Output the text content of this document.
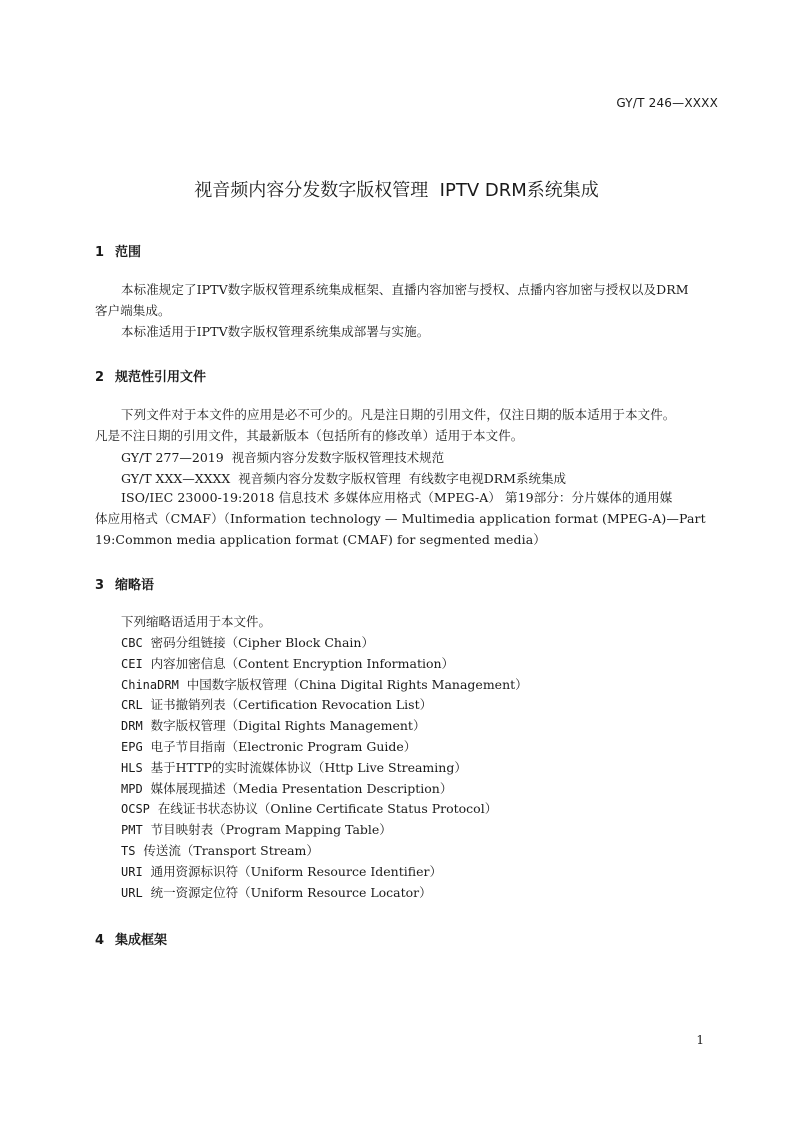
GY/T 246—XXXX
视音频内容分发数字版权管理  IPTV DRM系统集成
1 范围
本标准规定了IPTV数字版权管理系统集成框架、直播内容加密与授权、点播内容加密与授权以及DRM
客户端集成。
本标准适用于IPTV数字版权管理系统集成部署与实施。
2 规范性引用文件
下列文件对于本文件的应用是必不可少的。凡是注日期的引用文件，仅注日期的版本适用于本文件。
凡是不注日期的引用文件，其最新版本（包括所有的修改单）适用于本文件。
GY/T 277—2019  视音频内容分发数字版权管理技术规范
GY/T XXX—XXXX  视音频内容分发数字版权管理  有线数字电视DRM系统集成
ISO/IEC 23000-19:2018 信息技术 多媒体应用格式（MPEG-A） 第19部分：分片媒体的通用媒
体应用格式（CMAF）（Information technology — Multimedia application format (MPEG-A)—Part
19:Common media application format (CMAF) for segmented media）
3 缩略语
下列缩略语适用于本文件。
CBC 密码分组链接（Cipher Block Chain）
CEI 内容加密信息（Content Encryption Information）
ChinaDRM 中国数字版权管理（China Digital Rights Management）
CRL 证书撤销列表（Certification Revocation List）
DRM 数字版权管理（Digital Rights Management）
EPG 电子节目指南（Electronic Program Guide）
HLS 基于HTTP的实时流媒体协议（Http Live Streaming）
MPD 媒体展现描述（Media Presentation Description）
OCSP 在线证书状态协议（Online Certificate Status Protocol）
PMT 节目映射表（Program Mapping Table）
TS 传送流（Transport Stream）
URI 通用资源标识符（Uniform Resource Identifier）
URL 统一资源定位符（Uniform Resource Locator）
4 集成框架
1
